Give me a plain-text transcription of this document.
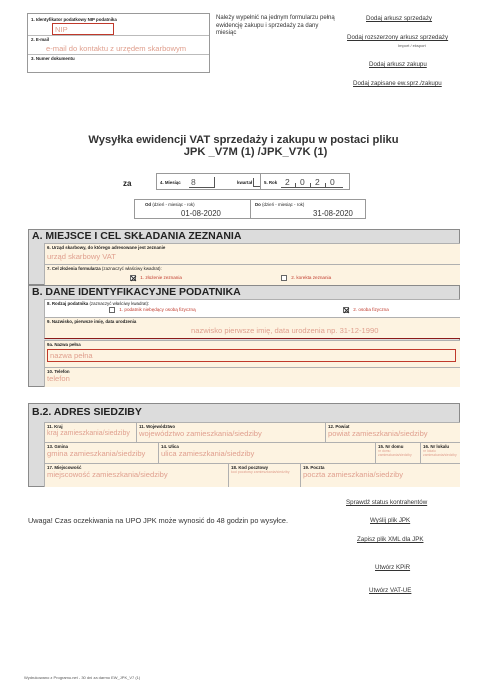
1. Identyfikator podatkowy NIP podatnika
NIP
2. E-mail
e-mail do kontaktu z urzędem skarbowym
3. Numer dokumentu
Należy wypełnić na jednym formularzu pełną ewidencję zakupu i sprzedaży za dany miesiąc
Dodaj arkusz sprzedaży
Dodaj rozszerzony arkusz sprzedaży
Import / eksport
Dodaj arkusz zakupu
Dodaj zapisane ew.sprz./zakupu
Wysyłka ewidencji VAT sprzedaży i zakupu w postaci pliku
JPK _V7M (1) /JPK_V7K (1)
za	4. Miesiąc 8	kwartał	5. Rok 2 0 2 0
Od (dzień - miesiąc - rok)
01-08-2020
Do (dzień - miesiąc - rok)
31-08-2020
A. MIEJSCE I CEL SKŁADANIA ZEZNANIA
6. Urząd skarbowy, do którego adresowane jest zeznanie
urząd skarbowy VAT
7. Cel złożenia formularza (zaznaczyć właściwy kwadrat):
1. złożenie zeznania	2. korekta zeznania
B. DANE IDENTYFIKACYJNE PODATNIKA
8. Rodzaj podatnika (zaznaczyć właściwy kwadrat):
1. podatnik niebędący osobą fizyczną	2. osoba fizyczna
9. Nazwisko, pierwsze imię, data urodzenia
nazwisko pierwsze imię, data urodzenia np. 31-12-1990
9a. Nazwa pełna
nazwa pełna
10. Telefon
telefon
B.2. ADRES SIEDZIBY
11. Kraj
kraj zamieszkania/siedziby
11. Województwo
województwo zamieszkania/siedziby
12. Powiat
powiat zamieszkania/siedziby
13. Gmina
gmina zamieszkania/siedziby
14. Ulica
ulica zamieszkania/siedziby
15. Nr domu
nr domu zamieszkania/siedziby
16. Nr lokalu
nr lokalu zamieszkania/siedziby
17. Miejscowość
miejscowość zamieszkania/siedziby
18. Kod pocztowy
kod pocztowy zamieszkania/siedziby
19. Poczta
poczta zamieszkania/siedziby
Sprawdź status kontrahentów
Uwaga! Czas oczekiwania na UPO JPK może wynosić do 48 godzin po wysyłce.	Wyślij plik JPK
Zapisz plik XML dla JPK
Utwórz KPiR
Utwórz VAT-UE
Wydrukowano z Programu.net - 30 dni za darmo EW_JPK_V7 (1)
